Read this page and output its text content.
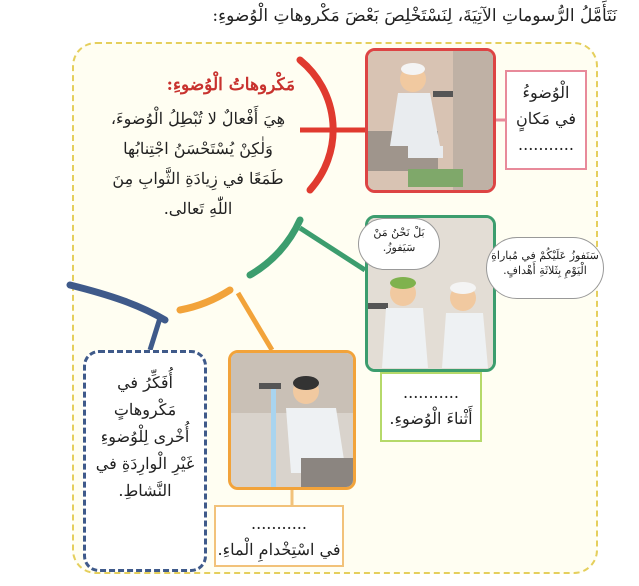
نَتَأَمَّلُ الرُّسوماتِ الآتِيَةَ، لِنَسْتَخْلِصَ بَعْضَ مَكْروهاتِ الْوُضوءِ:
مَكْروهاتُ الْوُضوءِ:
هِيَ أَفْعالٌ لا تُبْطِلُ الْوُضوءَ،
وَلٰكِنْ يُسْتَحْسَنُ اجْتِنابُها
طَمَعًا في زِيادَةِ الثَّوابِ مِنَ
اللّٰهِ تَعالى.
الْوُضوءُ
في مَكانٍ
...........
...........
أَثْناءَ الْوُضوءِ.
...........
في اسْتِخْدامِ الْماءِ.
بَلْ نَحْنُ مَنْ
سَيَفوزُ.
سَنَفوزُ عَلَيْكُمْ في مُباراةِ
الْيَوْمِ بِثَلاثَةِ أَهْدافٍ.
أُفَكِّرُ في
مَكْروهاتٍ
أُخْرى لِلْوُضوءِ
غَيْرِ الْوارِدَةِ في
النَّشاطِ.
